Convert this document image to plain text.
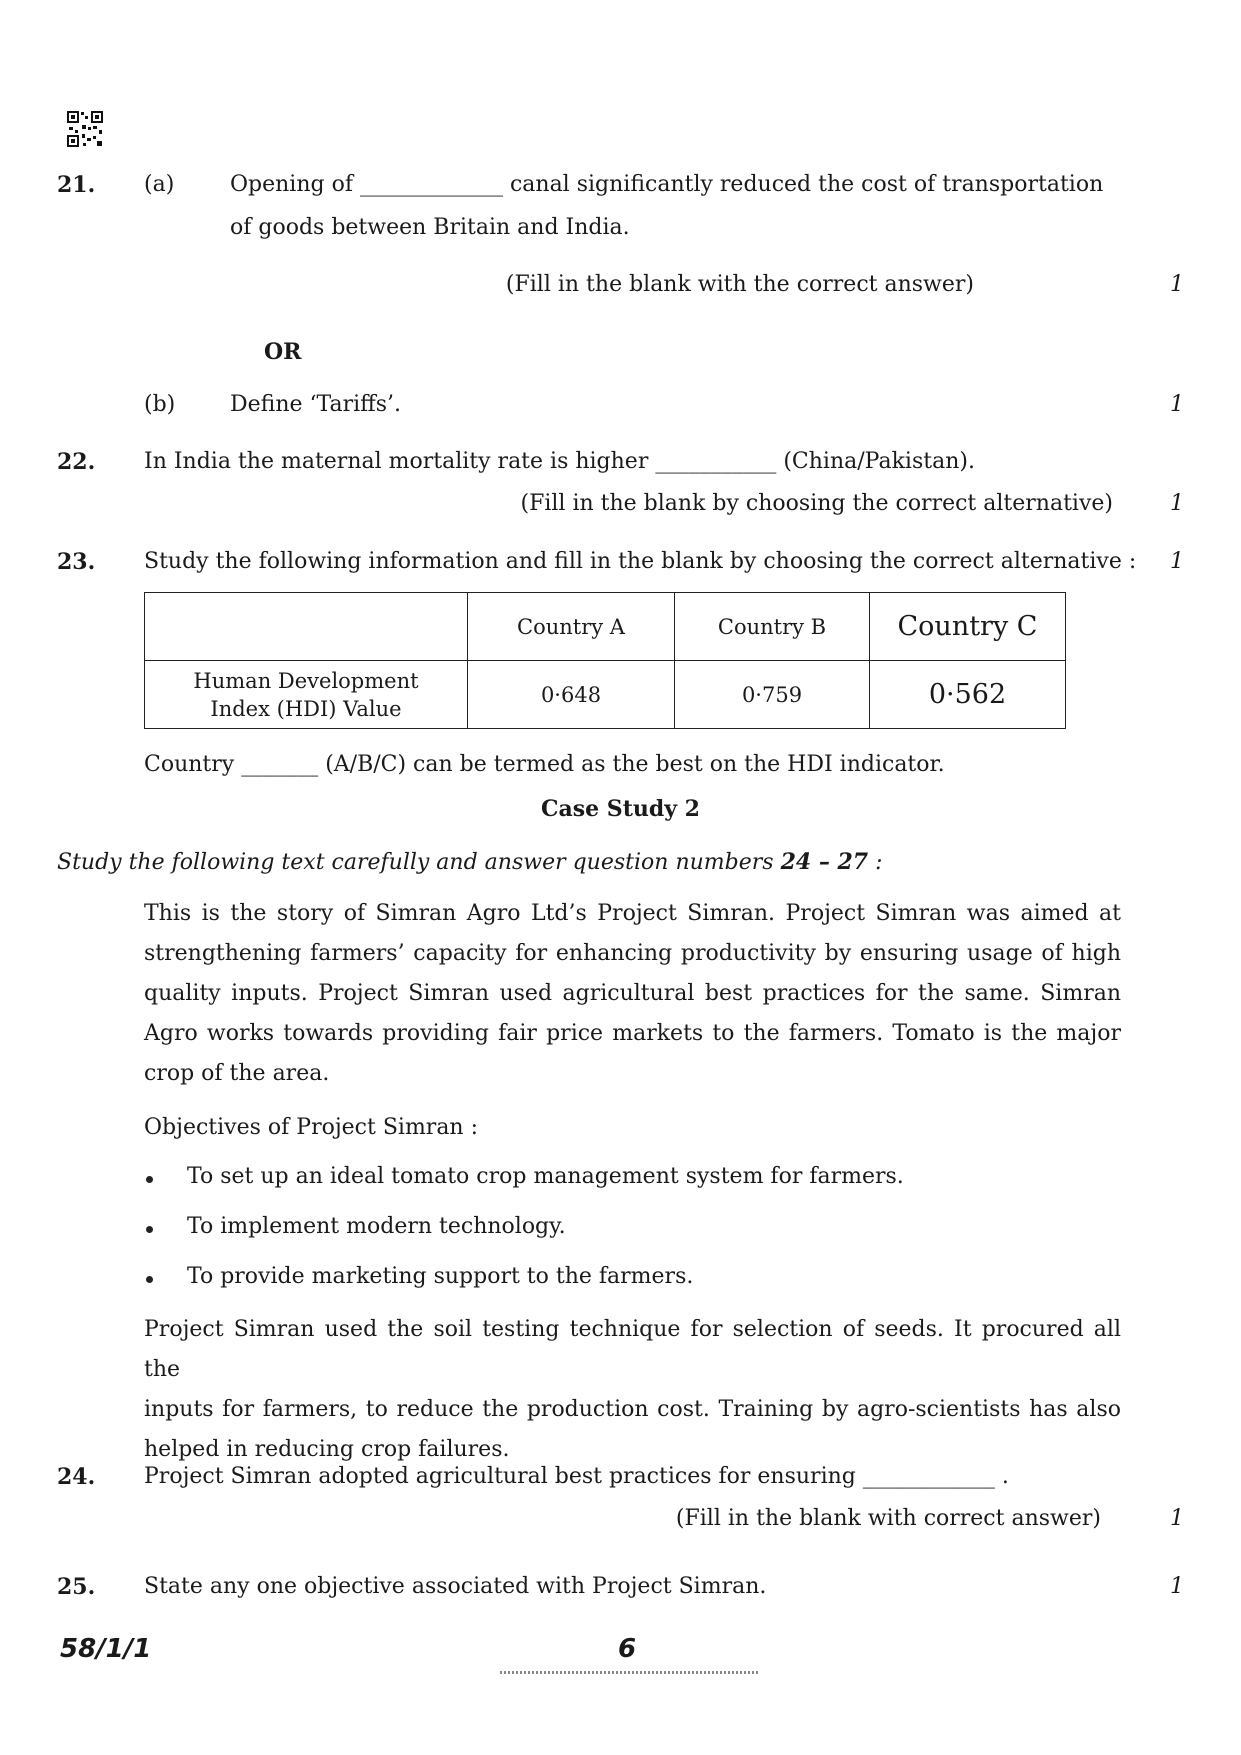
21. (a)	Opening of _____________ canal significantly reduced the cost of transportation
of goods between Britain and India.
(Fill in the blank with the correct answer)	1
OR
(b) Define ‘Tariffs’.	1
22. In India the maternal mortality rate is higher ___________ (China/Pakistan).
(Fill in the blank by choosing the correct alternative)	1
23. Study the following information and fill in the blank by choosing the correct alternative : 1
	Country A	Country B	Country C

Human Development
Index (HDI) Value	0·648	0·759	0·562
Country _______ (A/B/C) can be termed as the best on the HDI indicator.
Case Study 2
Study the following text carefully and answer question numbers 24 – 27 :
This is the story of Simran Agro Ltd’s Project Simran. Project Simran was aimed at
strengthening farmers’ capacity for enhancing productivity by ensuring usage of high
quality inputs. Project Simran used agricultural best practices for the same. Simran
Agro works towards providing fair price markets to the farmers. Tomato is the major
crop of the area.
Objectives of Project Simran :
To set up an ideal tomato crop management system for farmers.
To implement modern technology.
To provide marketing support to the farmers.
Project Simran used the soil testing technique for selection of seeds. It procured all the
inputs for farmers, to reduce the production cost. Training by agro-scientists has also
helped in reducing crop failures.
24. Project Simran adopted agricultural best practices for ensuring ____________ .
(Fill in the blank with correct answer)	1
25. State any one objective associated with Project Simran.	1
58/1/1	6
